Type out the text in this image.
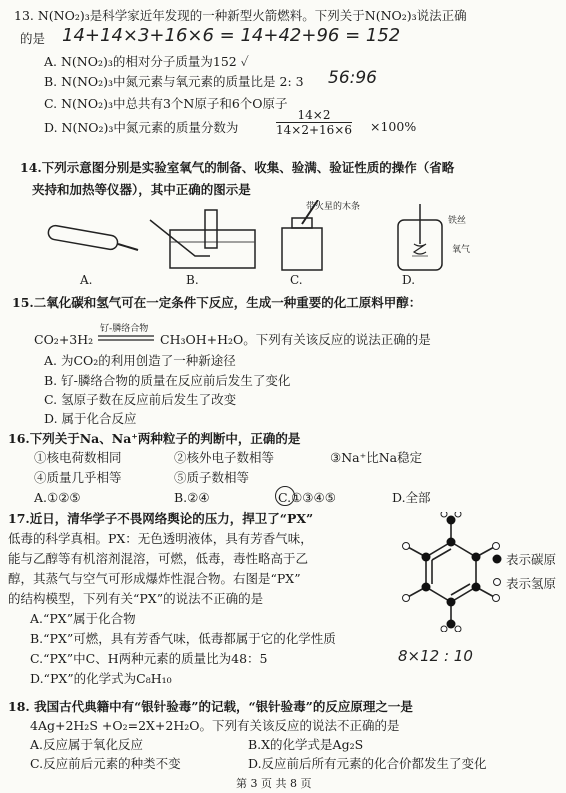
13. N(NO₂)₃是科学家近年发现的一种新型火箭燃料。下列关于N(NO₂)₃说法正确
的是 14+14×3+16×6 = 14+42+96 = 152
A. N(NO₂)₃的相对分子质量为152 ✓
B. N(NO₂)₃中氮元素与氧元素的质量比是 2: 3 56:96
C. N(NO₂)₃中总共有3个N原子和6个O原子
D. N(NO₂)₃中氮元素的质量分数为	$\frac{14\times 2}{14\times 2+16\times 6} \times 100\%$
14.下列示意图分别是实验室氧气的制备、收集、验满、验证性质的操作（省略
夹持和加热等仪器），其中正确的图示是
带火星的木条
铁丝
氧气
A.	B.	C.	D.
15.二氧化碳和氢气可在一定条件下反应，生成一种重要的化工原料甲醇：
CO₂+3H₂
钌-膦络合物
CH₃OH+H₂O。下列有关该反应的说法正确的是
A. 为CO₂的利用创造了一种新途径
B. 钌-膦络合物的质量在反应前后发生了变化
C. 氢原子数在反应前后发生了改变
D. 属于化合反应
16.下列关于Na、Na⁺两种粒子的判断中，正确的是
①核电荷数相同	②核外电子数相等	③Na⁺比Na稳定
④质量几乎相等	⑤质子数相等
A.①②⑤	B.②④	C.①③④⑤	D.全部
17.近日，清华学子不畏网络舆论的压力，捍卫了“PX”
低毒的科学真相。PX：无色透明液体，具有芳香气味，
能与乙醇等有机溶剂混溶，可燃，低毒，毒性略高于乙
醇，其蒸气与空气可形成爆炸性混合物。右图是“PX”
的结构模型，下列有关“PX”的说法不正确的是
A.“PX”属于化合物
B.“PX”可燃，具有芳香气味，低毒都属于它的化学性质
C.“PX”中C、H两种元素的质量比为48：5	8×12 : 10
D.“PX”的化学式为C₈H₁₀
表示碳原
表示氢原
18. 我国古代典籍中有“银针验毒”的记载，“银针验毒”的反应原理之一是
4Ag+2H₂S +O₂=2X+2H₂O。下列有关该反应的说法不正确的是
A.反应属于氧化反应	B.X的化学式是Ag₂S
C.反应前后元素的种类不变	D.反应前后所有元素的化合价都发生了变化
第 3 页 共 8 页
